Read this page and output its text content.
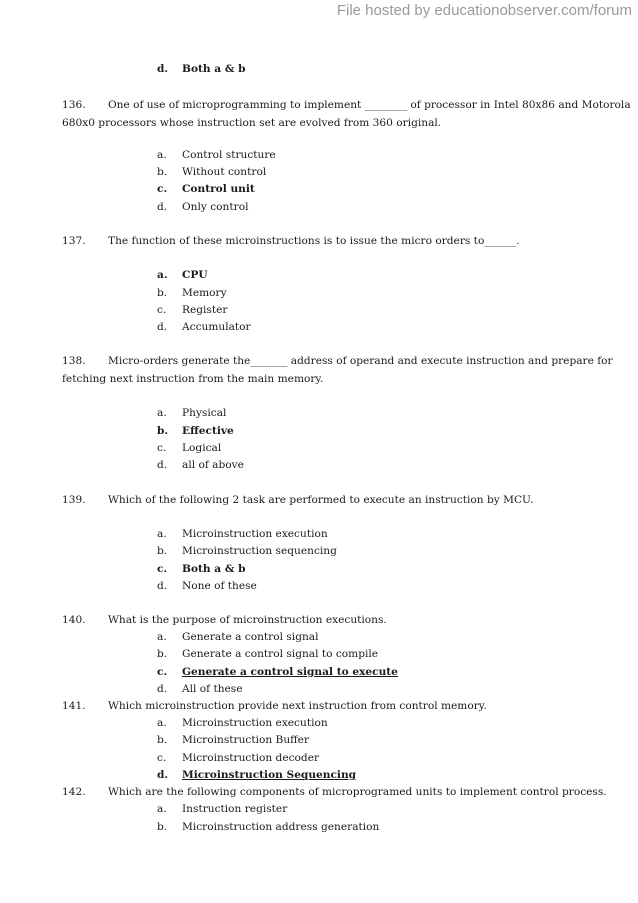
File hosted by educationobserver.com/forum
d. Both a & b
136. One of use of microprogramming to implement ________ of processor in Intel 80x86 and Motorola
680x0 processors whose instruction set are evolved from 360 original.
a. Control structure
b. Without control
c. Control unit
d. Only control
137. The function of these microinstructions is to issue the micro orders to______.
a. CPU
b. Memory
c. Register
d. Accumulator
138. Micro-orders generate the_______ address of operand and execute instruction and prepare for
fetching next instruction from the main memory.
a. Physical
b. Effective
c. Logical
d. all of above
139. Which of the following 2 task are performed to execute an instruction by MCU.
a. Microinstruction execution
b. Microinstruction sequencing
c. Both a & b
d. None of these
140. What is the purpose of microinstruction executions.
a. Generate a control signal
b. Generate a control signal to compile
c. Generate a control signal to execute
d. All of these
141. Which microinstruction provide next instruction from control memory.
a. Microinstruction execution
b. Microinstruction Buffer
c. Microinstruction decoder
d. Microinstruction Sequencing
142. Which are the following components of microprogramed units to implement control process.
a. Instruction register
b. Microinstruction address generation
